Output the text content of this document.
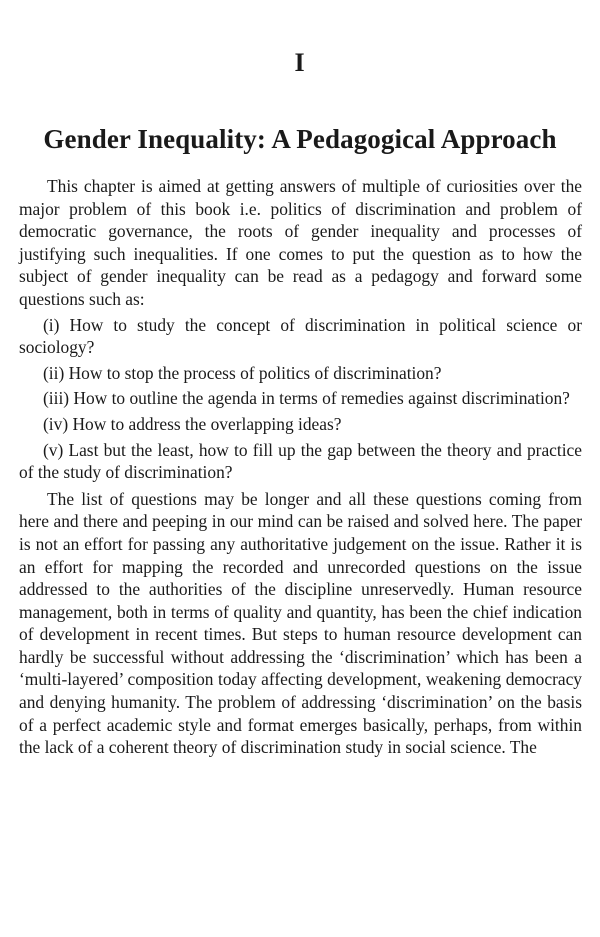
I
Gender Inequality: A Pedagogical Approach

This chapter is aimed at getting answers of multiple of curiosities over the major problem of this book i.e. politics of discrimination and problem of democratic governance, the roots of gender inequality and processes of justifying such inequalities. If one comes to put the question as to how the subject of gender inequality can be read as a pedagogy and forward some questions such as:

(i) How to study the concept of discrimination in political science or sociology?

(ii) How to stop the process of politics of discrimination?

(iii) How to outline the agenda in terms of remedies against discrimination?

(iv) How to address the overlapping ideas?

(v) Last but the least, how to fill up the gap between the theory and practice of the study of discrimination?

The list of questions may be longer and all these questions coming from here and there and peeping in our mind can be raised and solved here. The paper is not an effort for passing any authoritative judgement on the issue. Rather it is an effort for mapping the recorded and unrecorded questions on the issue addressed to the authorities of the discipline unreservedly. Human resource management, both in terms of quality and quantity, has been the chief indication of development in recent times. But steps to human resource development can hardly be successful without addressing the ‘discrimination’ which has been a ‘multi-layered’ composition today affecting development, weakening democracy and denying humanity. The problem of addressing ‘discrimination’ on the basis of a perfect academic style and format emerges basically, perhaps, from within the lack of a coherent theory of discrimination study in social science. The
